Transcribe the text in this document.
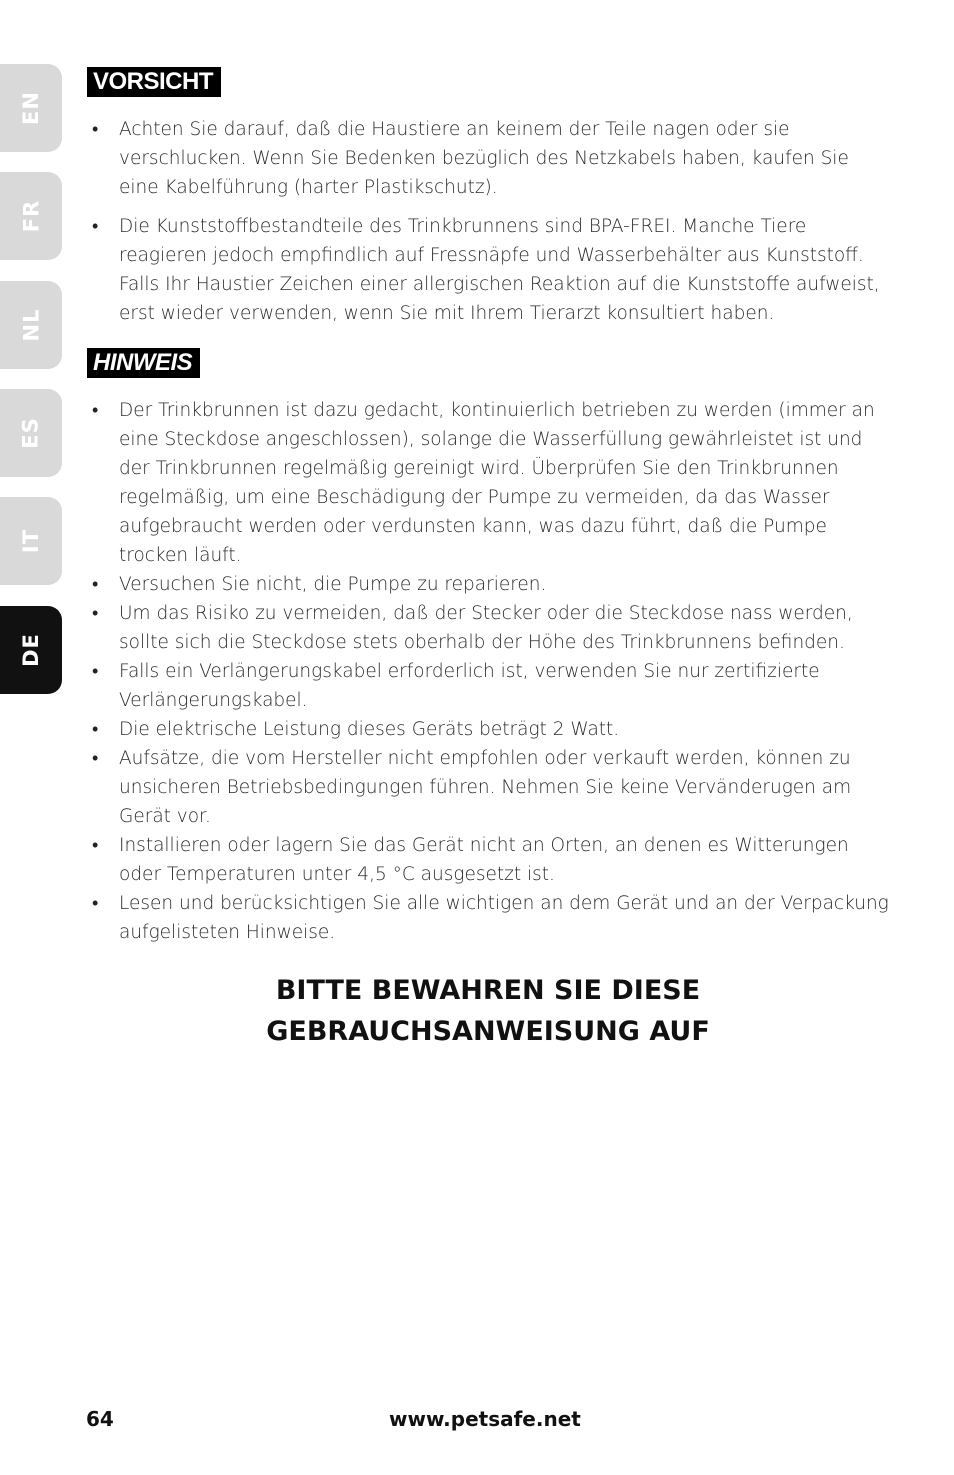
EN
FR
NL
ES
IT
DE
VORSICHT
• Achten Sie darauf, daß die Haustiere an keinem der Teile nagen oder sie verschlucken. Wenn Sie Bedenken bezüglich des Netzkabels haben, kaufen Sie eine Kabelführung (harter Plastikschutz).
• Die Kunststoffbestandteile des Trinkbrunnens sind BPA-FREI. Manche Tiere reagieren jedoch empfindlich auf Fressnäpfe und Wasserbehälter aus Kunststoff. Falls Ihr Haustier Zeichen einer allergischen Reaktion auf die Kunststoffe aufweist, erst wieder verwenden, wenn Sie mit Ihrem Tierarzt konsultiert haben.
HINWEIS
• Der Trinkbrunnen ist dazu gedacht, kontinuierlich betrieben zu werden (immer an eine Steckdose angeschlossen), solange die Wasserfüllung gewährleistet ist und der Trinkbrunnen regelmäßig gereinigt wird. Überprüfen Sie den Trinkbrunnen regelmäßig, um eine Beschädigung der Pumpe zu vermeiden, da das Wasser aufgebraucht werden oder verdunsten kann, was dazu führt, daß die Pumpe trocken läuft.
• Versuchen Sie nicht, die Pumpe zu reparieren.
• Um das Risiko zu vermeiden, daß der Stecker oder die Steckdose nass werden, sollte sich die Steckdose stets oberhalb der Höhe des Trinkbrunnens befinden.
• Falls ein Verlängerungskabel erforderlich ist, verwenden Sie nur zertifizierte Verlängerungskabel.
• Die elektrische Leistung dieses Geräts beträgt 2 Watt.
• Aufsätze, die vom Hersteller nicht empfohlen oder verkauft werden, können zu unsicheren Betriebsbedingungen führen. Nehmen Sie keine Vervänderugen am Gerät vor.
• Installieren oder lagern Sie das Gerät nicht an Orten, an denen es Witterungen oder Temperaturen unter 4,5 °C ausgesetzt ist.
• Lesen und berücksichtigen Sie alle wichtigen an dem Gerät und an der Verpackung aufgelisteten Hinweise.
BITTE BEWAHREN SIE DIESE
GEBRAUCHSANWEISUNG AUF
64	www.petsafe.net
